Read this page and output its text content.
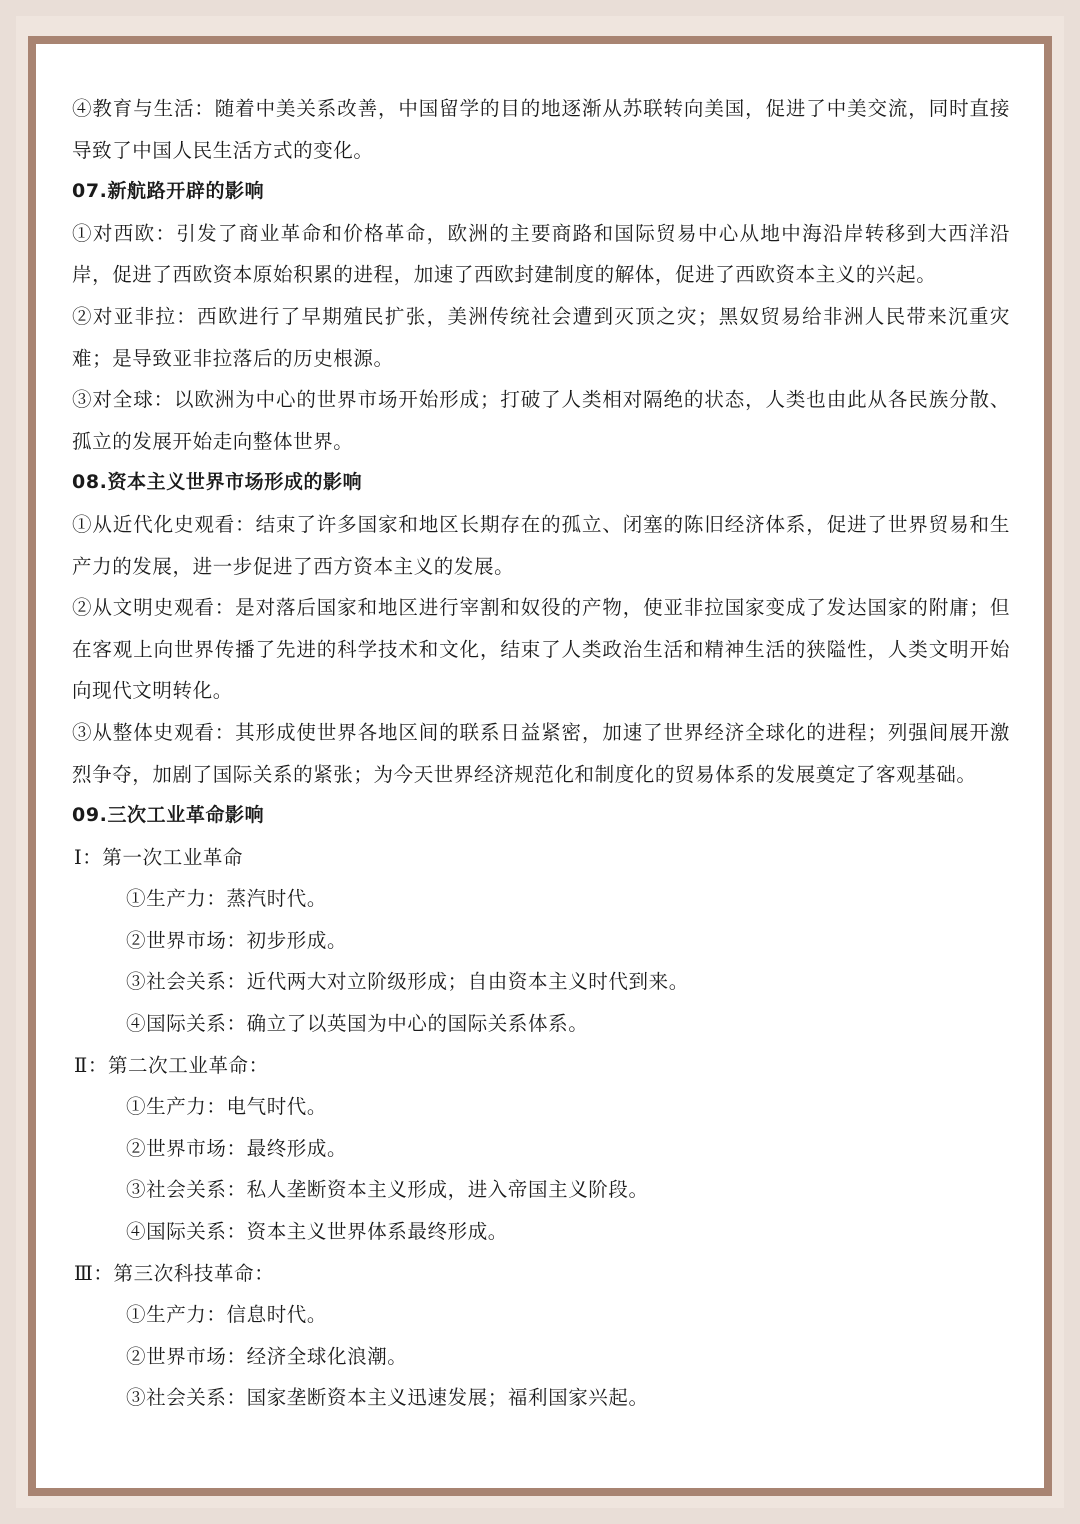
④教育与生活：随着中美关系改善，中国留学的目的地逐渐从苏联转向美国，促进了中美交流，同时直接导致了中国人民生活方式的变化。

07.新航路开辟的影响

①对西欧：引发了商业革命和价格革命，欧洲的主要商路和国际贸易中心从地中海沿岸转移到大西洋沿岸，促进了西欧资本原始积累的进程，加速了西欧封建制度的解体，促进了西欧资本主义的兴起。

②对亚非拉：西欧进行了早期殖民扩张，美洲传统社会遭到灭顶之灾；黑奴贸易给非洲人民带来沉重灾难；是导致亚非拉落后的历史根源。

③对全球：以欧洲为中心的世界市场开始形成；打破了人类相对隔绝的状态，人类也由此从各民族分散、孤立的发展开始走向整体世界。

08.资本主义世界市场形成的影响

①从近代化史观看：结束了许多国家和地区长期存在的孤立、闭塞的陈旧经济体系，促进了世界贸易和生产力的发展，进一步促进了西方资本主义的发展。

②从文明史观看：是对落后国家和地区进行宰割和奴役的产物，使亚非拉国家变成了发达国家的附庸；但在客观上向世界传播了先进的科学技术和文化，结束了人类政治生活和精神生活的狭隘性，人类文明开始向现代文明转化。

③从整体史观看：其形成使世界各地区间的联系日益紧密，加速了世界经济全球化的进程；列强间展开激烈争夺，加剧了国际关系的紧张；为今天世界经济规范化和制度化的贸易体系的发展奠定了客观基础。

09.三次工业革命影响

Ⅰ：第一次工业革命

①生产力：蒸汽时代。

②世界市场：初步形成。

③社会关系：近代两大对立阶级形成；自由资本主义时代到来。

④国际关系：确立了以英国为中心的国际关系体系。

Ⅱ：第二次工业革命：

①生产力：电气时代。

②世界市场：最终形成。

③社会关系：私人垄断资本主义形成，进入帝国主义阶段。

④国际关系：资本主义世界体系最终形成。

Ⅲ：第三次科技革命：

①生产力：信息时代。

②世界市场：经济全球化浪潮。

③社会关系：国家垄断资本主义迅速发展；福利国家兴起。
